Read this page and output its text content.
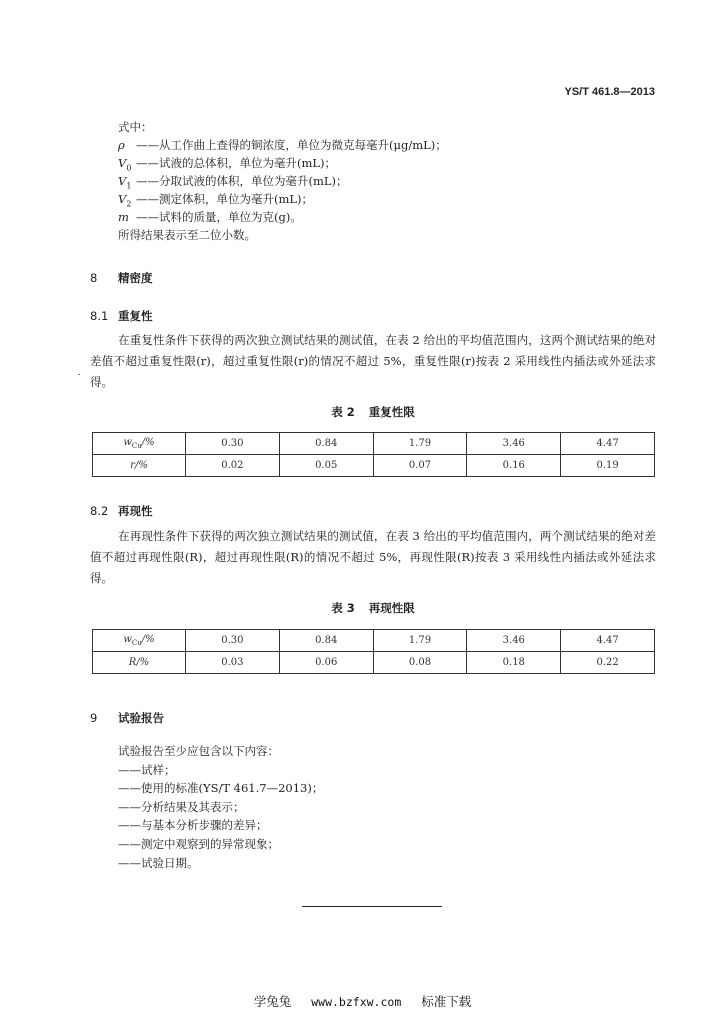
YS/T 461.8—2013
式中：
ρ ——从工作曲上查得的铜浓度，单位为微克每毫升(μg/mL)；
$V_0$ ——试液的总体积，单位为毫升(mL)；
$V_1$ ——分取试液的体积，单位为毫升(mL)；
$V_2$ ——测定体积，单位为毫升(mL)；
m ——试料的质量，单位为克(g)。
所得结果表示至二位小数。
8 精密度
8.1 重复性
在重复性条件下获得的两次独立测试结果的测试值，在表 2 给出的平均值范围内，这两个测试结果的绝对差值不超过重复性限(r)，超过重复性限(r)的情况不超过 5%，重复性限(r)按表 2 采用线性内插法或外延法求得。
表 2 重复性限
$w_{Cu}/\%$	0.30	0.84	1.79	3.46	4.47
r/%	0.02	0.05	0.07	0.16	0.19
8.2 再现性
在再现性条件下获得的两次独立测试结果的测试值，在表 3 给出的平均值范围内，两个测试结果的绝对差值不超过再现性限(R)，超过再现性限(R)的情况不超过 5%，再现性限(R)按表 3 采用线性内插法或外延法求得。
表 3 再现性限
$w_{Cu}/\%$	0.30	0.84	1.79	3.46	4.47
R/%	0.03	0.06	0.08	0.18	0.22
9 试验报告
试验报告至少应包含以下内容：
——试样；
——使用的标准(YS/T 461.7—2013)；
——分析结果及其表示；
——与基本分析步骤的差异；
——测定中观察到的异常现象；
——试验日期。
学兔兔 www.bzfxw.com 标准下载
